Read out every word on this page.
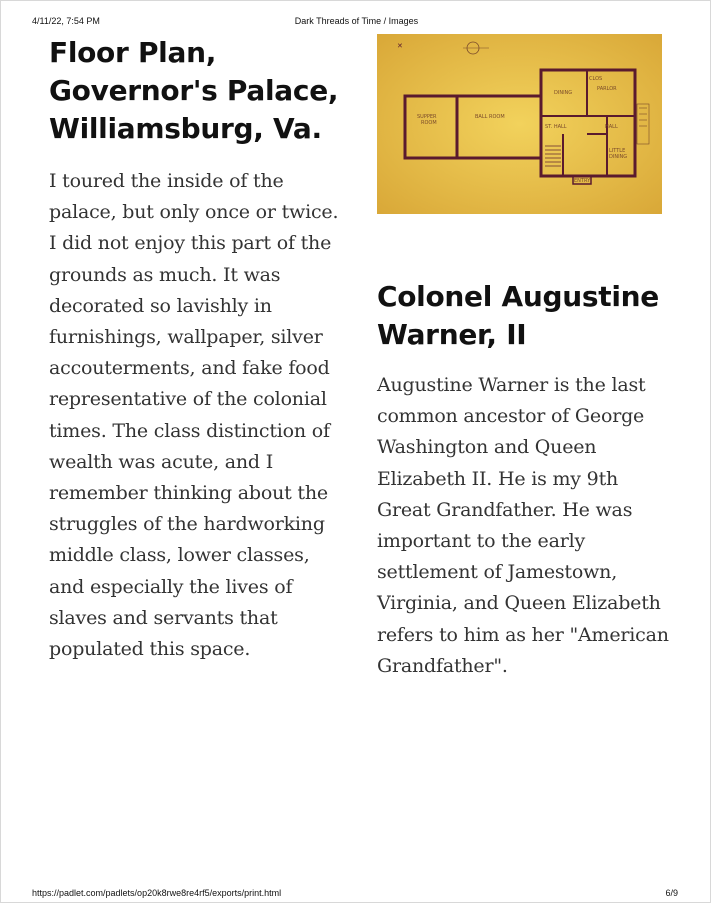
4/11/22, 7:54 PM	Dark Threads of Time / Images
Floor Plan, Governor's Palace, Williamsburg, Va.
I toured the inside of the palace, but only once or twice. I did not enjoy this part of the grounds as much. It was decorated so lavishly in furnishings, wallpaper, silver accouterments, and fake food representative of the colonial times. The class distinction of wealth was acute, and I remember thinking about the struggles of the hardworking middle class, lower classes, and especially the lives of slaves and servants that populated this space.
✕
SUPPER
ROOM
BALL ROOM
DINING
PARLOR
ST. HALL	HALL
LITTLE
DINING
ENTRY
CLOS
Colonel Augustine Warner, II
Augustine Warner is the last common ancestor of George Washington and Queen Elizabeth II. He is my 9th Great Grandfather. He was important to the early settlement of Jamestown, Virginia, and Queen Elizabeth refers to him as her "American Grandfather".
https://padlet.com/padlets/op20k8rwe8re4rf5/exports/print.html	6/9
